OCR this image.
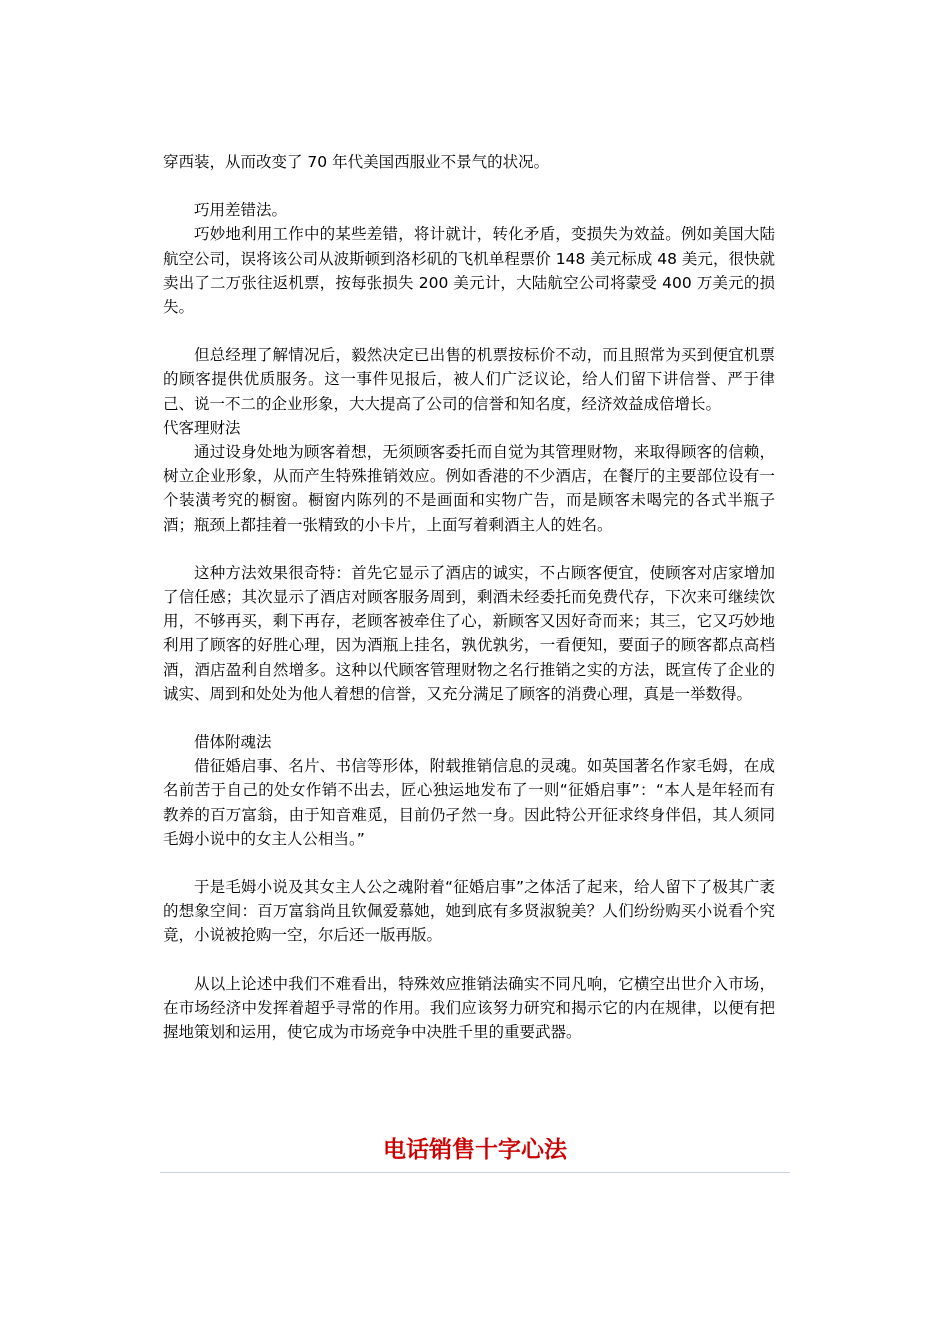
穿西装，从而改变了 70 年代美国西服业不景气的状况。

巧用差错法。

巧妙地利用工作中的某些差错，将计就计，转化矛盾，变损失为效益。例如美国大陆航空公司，误将该公司从波斯顿到洛杉矶的飞机单程票价 148 美元标成 48 美元，很快就卖出了二万张往返机票，按每张损失 200 美元计，大陆航空公司将蒙受 400 万美元的损失。

但总经理了解情况后，毅然决定已出售的机票按标价不动，而且照常为买到便宜机票的顾客提供优质服务。这一事件见报后，被人们广泛议论，给人们留下讲信誉、严于律己、说一不二的企业形象，大大提高了公司的信誉和知名度，经济效益成倍增长。

代客理财法

通过设身处地为顾客着想，无须顾客委托而自觉为其管理财物，来取得顾客的信赖，树立企业形象，从而产生特殊推销效应。例如香港的不少酒店，在餐厅的主要部位设有一个装潢考究的橱窗。橱窗内陈列的不是画面和实物广告，而是顾客未喝完的各式半瓶子酒；瓶颈上都挂着一张精致的小卡片，上面写着剩酒主人的姓名。

这种方法效果很奇特：首先它显示了酒店的诚实，不占顾客便宜，使顾客对店家增加了信任感；其次显示了酒店对顾客服务周到，剩酒未经委托而免费代存，下次来可继续饮用，不够再买，剩下再存，老顾客被牵住了心，新顾客又因好奇而来；其三，它又巧妙地利用了顾客的好胜心理，因为酒瓶上挂名，孰优孰劣，一看便知，要面子的顾客都点高档酒，酒店盈利自然增多。这种以代顾客管理财物之名行推销之实的方法，既宣传了企业的诚实、周到和处处为他人着想的信誉，又充分满足了顾客的消费心理，真是一举数得。

借体附魂法

借征婚启事、名片、书信等形体，附载推销信息的灵魂。如英国著名作家毛姆，在成名前苦于自己的处女作销不出去，匠心独运地发布了一则“征婚启事”：“本人是年轻而有教养的百万富翁，由于知音难觅，目前仍孑然一身。因此特公开征求终身伴侣，其人须同毛姆小说中的女主人公相当。”

于是毛姆小说及其女主人公之魂附着“征婚启事”之体活了起来，给人留下了极其广袤的想象空间：百万富翁尚且钦佩爱慕她，她到底有多贤淑貌美？人们纷纷购买小说看个究竟，小说被抢购一空，尔后还一版再版。

从以上论述中我们不难看出，特殊效应推销法确实不同凡响，它横空出世介入市场，在市场经济中发挥着超乎寻常的作用。我们应该努力研究和揭示它的内在规律，以便有把握地策划和运用，使它成为市场竞争中决胜千里的重要武器。

电话销售十字心法
